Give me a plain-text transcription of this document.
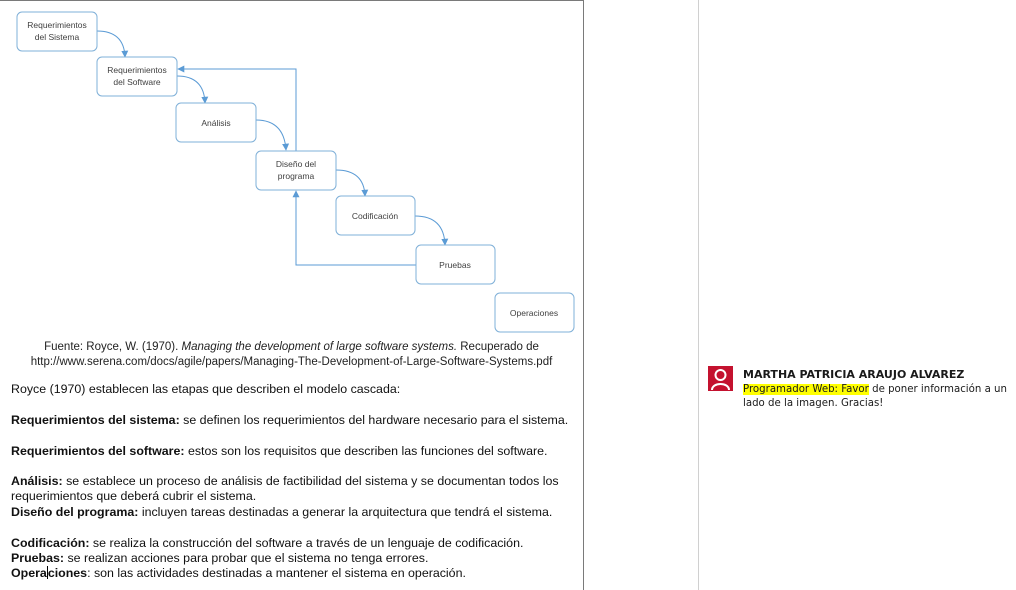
Requerimientos
del Sistema
Requerimientos
del Software
Análisis
Diseño del
programa
Codificación
Pruebas
Operaciones
Fuente: Royce, W. (1970). Managing the development of large software systems. Recuperado de
http://www.serena.com/docs/agile/papers/Managing-The-Development-of-Large-Software-Systems.pdf
Royce (1970) establecen las etapas que describen el modelo cascada:
Requerimientos del sistema: se definen los requerimientos del hardware necesario para el sistema.
Requerimientos del software: estos son los requisitos que describen las funciones del software.
Análisis: se establece un proceso de análisis de factibilidad del sistema y se documentan todos los requerimientos que deberá cubrir el sistema.
Diseño del programa: incluyen tareas destinadas a generar la arquitectura que tendrá el sistema.
Codificación: se realiza la construcción del software a través de un lenguaje de codificación.
Pruebas: se realizan acciones para probar que el sistema no tenga errores.
Operaciones: son las actividades destinadas a mantener el sistema en operación.
MARTHA PATRICIA ARAUJO ALVAREZ
Programador Web: Favor de poner información a un lado de la imagen. Gracias!
